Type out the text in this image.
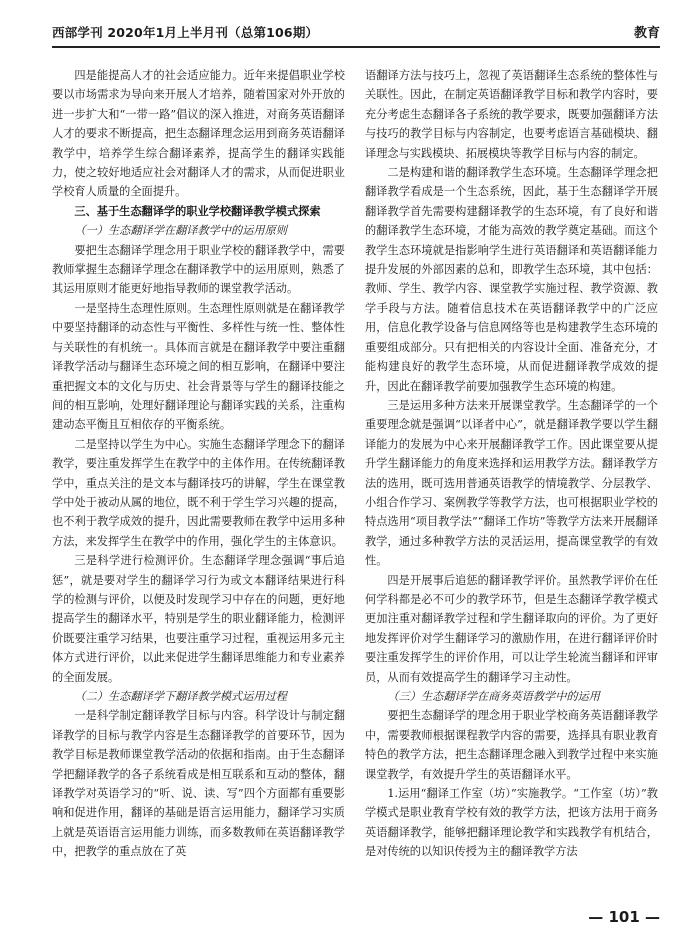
西部学刊 2020年1月上半月刊（总第106期）	教育

四是能提高人才的社会适应能力。近年来提倡职业学校要以市场需求为导向来开展人才培养，随着国家对外开放的进一步扩大和“一带一路”倡议的深入推进，对商务英语翻译人才的要求不断提高，把生态翻译理念运用到商务英语翻译教学中，培养学生综合翻译素养，提高学生的翻译实践能力，使之较好地适应社会对翻译人才的需求，从而促进职业学校育人质量的全面提升。

三、基于生态翻译学的职业学校翻译教学模式探索
（一）生态翻译学在翻译教学中的运用原则

要把生态翻译学理念用于职业学校的翻译教学中，需要教师掌握生态翻译学理念在翻译教学中的运用原则，熟悉了其运用原则才能更好地指导教师的课堂教学活动。

一是坚持生态理性原则。生态理性原则就是在翻译教学中要坚持翻译的动态性与平衡性、多样性与统一性、整体性与关联性的有机统一。具体而言就是在翻译教学中要注重翻译教学活动与翻译生态环境之间的相互影响，在翻译中要注重把握文本的文化与历史、社会背景等与学生的翻译技能之间的相互影响，处理好翻译理论与翻译实践的关系，注重构建动态平衡且互相依存的平衡系统。

二是坚持以学生为中心。实施生态翻译学理念下的翻译教学，要注重发挥学生在教学中的主体作用。在传统翻译教学中，重点关注的是文本与翻译技巧的讲解，学生在课堂教学中处于被动从属的地位，既不利于学生学习兴趣的提高，也不利于教学成效的提升，因此需要教师在教学中运用多种方法，来发挥学生在教学中的作用，强化学生的主体意识。

三是科学进行检测评价。生态翻译学理念强调“事后追惩”，就是要对学生的翻译学习行为或文本翻译结果进行科学的检测与评价，以便及时发现学习中存在的问题，更好地提高学生的翻译水平，特别是学生的职业翻译能力，检测评价既要注重学习结果，也要注重学习过程，重视运用多元主体方式进行评价，以此来促进学生翻译思维能力和专业素养的全面发展。

（二）生态翻译学下翻译教学模式运用过程

一是科学制定翻译教学目标与内容。科学设计与制定翻译教学的目标与教学内容是生态翻译教学的首要环节，因为教学目标是教师课堂教学活动的依据和指南。由于生态翻译学把翻译教学的各子系统看成是相互联系和互动的整体，翻译教学对英语学习的“听、说、读、写”四个方面都有重要影响和促进作用，翻译的基础是语言运用能力，翻译学习实质上就是英语语言运用能力训练，而多数教师在英语翻译教学中，把教学的重点放在了英

语翻译方法与技巧上，忽视了英语翻译生态系统的整体性与关联性。因此，在制定英语翻译教学目标和教学内容时，要充分考虑生态翻译各子系统的教学要求，既要加强翻译方法与技巧的教学目标与内容制定，也要考虑语言基础模块、翻译理念与实践模块、拓展模块等教学目标与内容的制定。

二是构建和谐的翻译教学生态环境。生态翻译学理念把翻译教学看成是一个生态系统，因此，基于生态翻译学开展翻译教学首先需要构建翻译教学的生态环境，有了良好和谐的翻译教学生态环境，才能为高效的教学奠定基础。而这个教学生态环境就是指影响学生进行英语翻译和英语翻译能力提升发展的外部因素的总和，即教学生态环境，其中包括：教师、学生、教学内容、课堂教学实施过程、教学资源、教学手段与方法。随着信息技术在英语翻译教学中的广泛应用，信息化教学设备与信息网络等也是构建教学生态环境的重要组成部分。只有把相关的内容设计全面、准备充分，才能构建良好的教学生态环境，从而促进翻译教学成效的提升，因此在翻译教学前要加强教学生态环境的构建。

三是运用多种方法来开展课堂教学。生态翻译学的一个重要理念就是强调“以译者中心”，就是翻译教学要以学生翻译能力的发展为中心来开展翻译教学工作。因此课堂要从提升学生翻译能力的角度来选择和运用教学方法。翻译教学方法的选用，既可选用普通英语教学的情境教学、分层教学、小组合作学习、案例教学等教学方法，也可根据职业学校的特点选用“项目教学法”“翻译工作坊”等教学方法来开展翻译教学，通过多种教学方法的灵活运用，提高课堂教学的有效性。

四是开展事后追惩的翻译教学评价。虽然教学评价在任何学科都是必不可少的教学环节，但是生态翻译学教学模式更加注重对翻译教学过程和学生翻译取向的评价。为了更好地发挥评价对学生翻译学习的激励作用，在进行翻译评价时要注重发挥学生的评价作用，可以让学生轮流当翻译和评审员，从而有效提高学生的翻译学习主动性。

（三）生态翻译学在商务英语教学中的运用

要把生态翻译学的理念用于职业学校商务英语翻译教学中，需要教师根据课程教学内容的需要，选择具有职业教育特色的教学方法，把生态翻译理念融入到教学过程中来实施课堂教学，有效提升学生的英语翻译水平。

1.运用“翻译工作室（坊）”实施教学。“工作室（坊）”教学模式是职业教育学校有效的教学方法，把该方法用于商务英语翻译教学，能够把翻译理论教学和实践教学有机结合，是对传统的以知识传授为主的翻译教学方法

— 101 —
